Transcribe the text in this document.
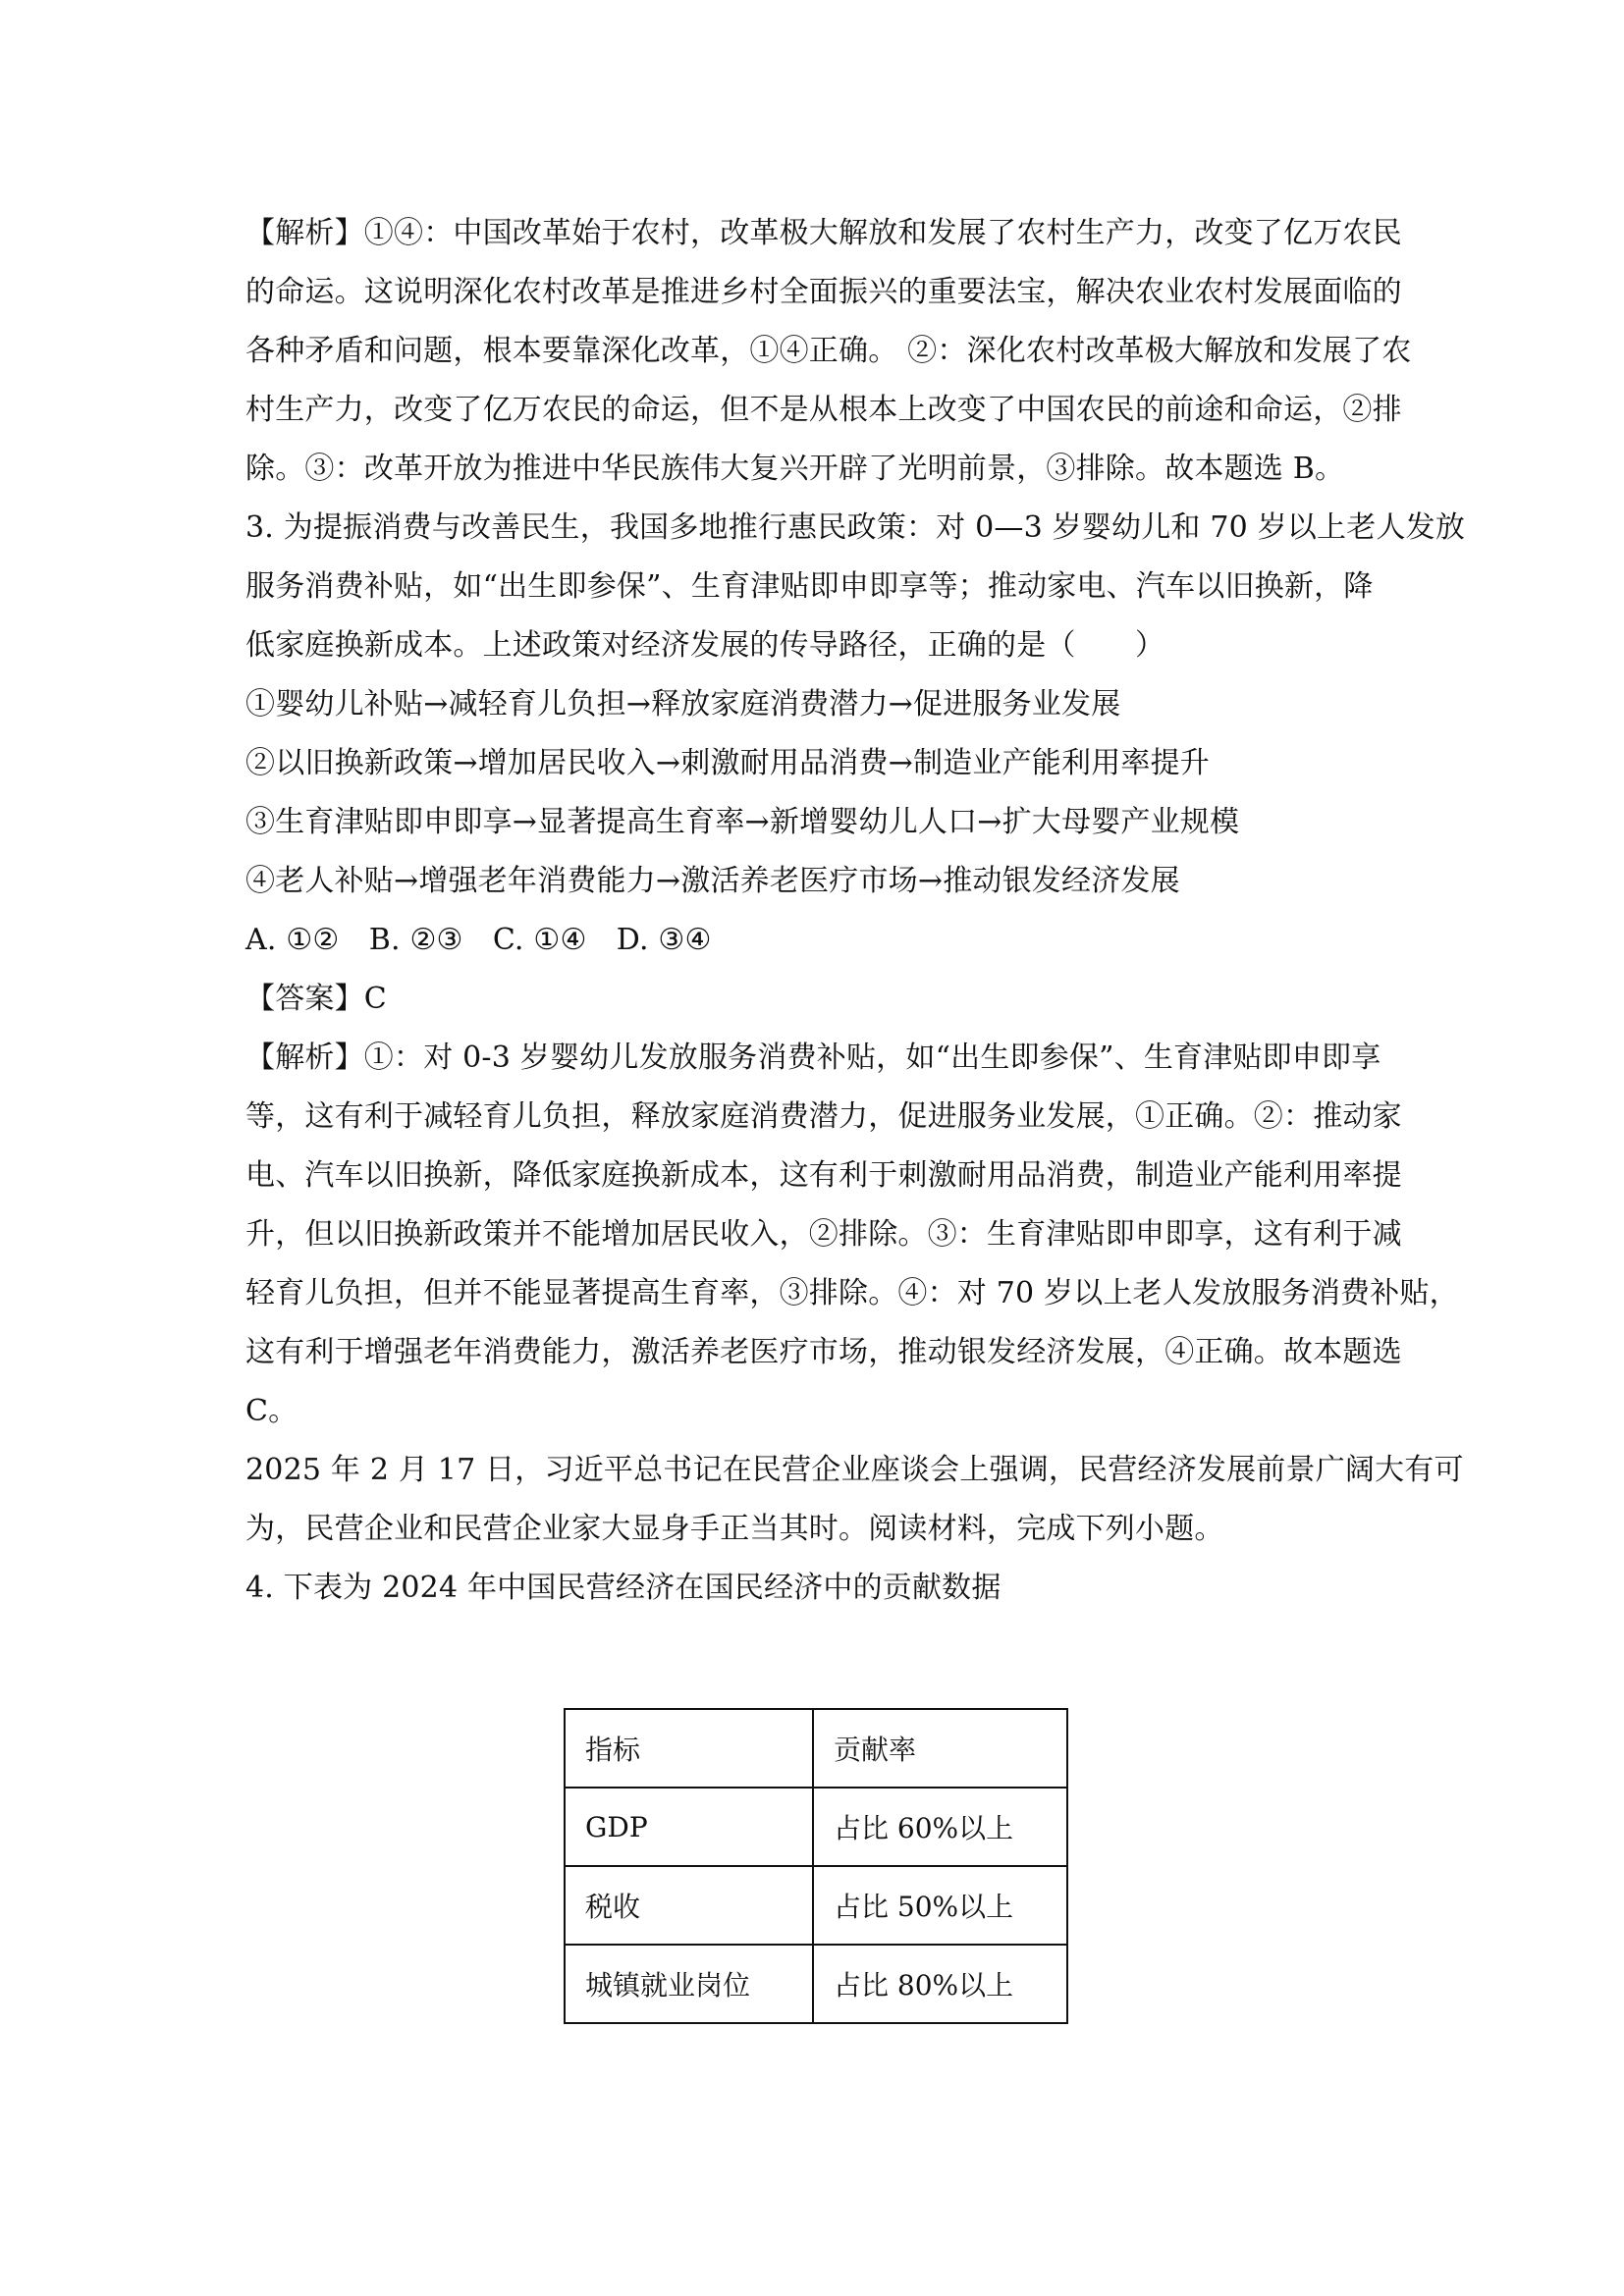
【解析】①④：中国改革始于农村，改革极大解放和发展了农村生产力，改变了亿万农民
的命运。这说明深化农村改革是推进乡村全面振兴的重要法宝，解决农业农村发展面临的
各种矛盾和问题，根本要靠深化改革，①④正确。 ②：深化农村改革极大解放和发展了农
村生产力，改变了亿万农民的命运，但不是从根本上改变了中国农民的前途和命运，②排
除。③：改革开放为推进中华民族伟大复兴开辟了光明前景，③排除。故本题选 B。
3. 为提振消费与改善民生，我国多地推行惠民政策：对 0—3 岁婴幼儿和 70 岁以上老人发放
服务消费补贴，如“出生即参保”、生育津贴即申即享等；推动家电、汽车以旧换新，降
低家庭换新成本。上述政策对经济发展的传导路径，正确的是（　　）
①婴幼儿补贴→减轻育儿负担→释放家庭消费潜力→促进服务业发展
②以旧换新政策→增加居民收入→刺激耐用品消费→制造业产能利用率提升
③生育津贴即申即享→显著提高生育率→新增婴幼儿人口→扩大母婴产业规模
④老人补贴→增强老年消费能力→激活养老医疗市场→推动银发经济发展
A. ①②　B. ②③　C. ①④　D. ③④
【答案】C
【解析】①：对 0-3 岁婴幼儿发放服务消费补贴，如“出生即参保”、生育津贴即申即享
等，这有利于减轻育儿负担，释放家庭消费潜力，促进服务业发展，①正确。②：推动家
电、汽车以旧换新，降低家庭换新成本，这有利于刺激耐用品消费，制造业产能利用率提
升，但以旧换新政策并不能增加居民收入，②排除。③：生育津贴即申即享，这有利于减
轻育儿负担，但并不能显著提高生育率，③排除。④：对 70 岁以上老人发放服务消费补贴，
这有利于增强老年消费能力，激活养老医疗市场，推动银发经济发展，④正确。故本题选
C。
2025 年 2 月 17 日，习近平总书记在民营企业座谈会上强调，民营经济发展前景广阔大有可
为，民营企业和民营企业家大显身手正当其时。阅读材料，完成下列小题。
4. 下表为 2024 年中国民营经济在国民经济中的贡献数据
指标	贡献率
GDP	占比 60%以上
税收	占比 50%以上
城镇就业岗位	占比 80%以上
